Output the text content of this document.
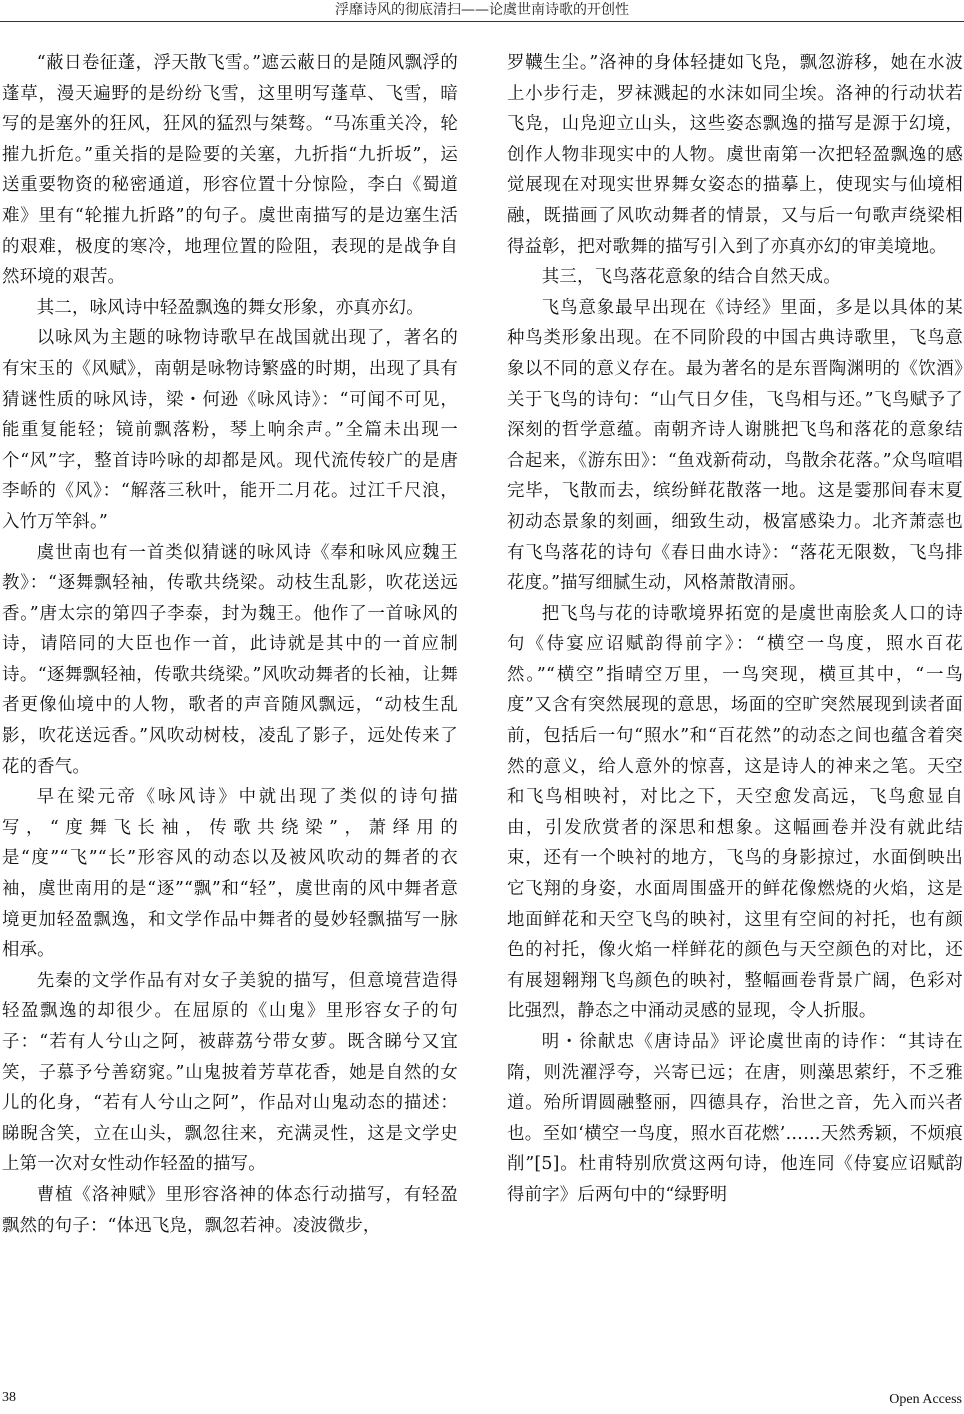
浮靡诗风的彻底清扫——论虞世南诗歌的开创性

“蔽日卷征蓬，浮天散飞雪。”遮云蔽日的是随风飘浮的蓬草，漫天遍野的是纷纷飞雪，这里明写蓬草、飞雪，暗写的是塞外的狂风，狂风的猛烈与桀骜。“马冻重关冷，轮摧九折危。”重关指的是险要的关塞，九折指“九折坂”，运送重要物资的秘密通道，形容位置十分惊险，李白《蜀道难》里有“轮摧九折路”的句子。虞世南描写的是边塞生活的艰难，极度的寒冷，地理位置的险阻，表现的是战争自然环境的艰苦。

其二，咏风诗中轻盈飘逸的舞女形象，亦真亦幻。

以咏风为主题的咏物诗歌早在战国就出现了，著名的有宋玉的《风赋》，南朝是咏物诗繁盛的时期，出现了具有猜谜性质的咏风诗，梁・何逊《咏风诗》：“可闻不可见，能重复能轻；镜前飘落粉，琴上响余声。”全篇未出现一个“风”字，整首诗吟咏的却都是风。现代流传较广的是唐李峤的《风》：“解落三秋叶，能开二月花。过江千尺浪，入竹万竿斜。”

虞世南也有一首类似猜谜的咏风诗《奉和咏风应魏王教》：“逐舞飘轻袖，传歌共绕梁。动枝生乱影，吹花送远香。”唐太宗的第四子李泰，封为魏王。他作了一首咏风的诗，请陪同的大臣也作一首，此诗就是其中的一首应制诗。“逐舞飘轻袖，传歌共绕梁。”风吹动舞者的长袖，让舞者更像仙境中的人物，歌者的声音随风飘远，“动枝生乱影，吹花送远香。”风吹动树枝，凌乱了影子，远处传来了花的香气。

早在梁元帝《咏风诗》中就出现了类似的诗句描写，“度舞飞长袖，传歌共绕梁”，萧绎用的是“度”“飞”“长”形容风的动态以及被风吹动的舞者的衣袖，虞世南用的是“逐”“飘”和“轻”，虞世南的风中舞者意境更加轻盈飘逸，和文学作品中舞者的曼妙轻飘描写一脉相承。

先秦的文学作品有对女子美貌的描写，但意境营造得轻盈飘逸的却很少。在屈原的《山鬼》里形容女子的句子：“若有人兮山之阿，被薜荔兮带女萝。既含睇兮又宜笑，子慕予兮善窈窕。”山鬼披着芳草花香，她是自然的女儿的化身，“若有人兮山之阿”，作品对山鬼动态的描述：睇睨含笑，立在山头，飘忽往来，充满灵性，这是文学史上第一次对女性动作轻盈的描写。

曹植《洛神赋》里形容洛神的体态行动描写，有轻盈飘然的句子：“体迅飞凫，飘忽若神。凌波微步，

罗韈生尘。”洛神的身体轻捷如飞凫，飘忽游移，她在水波上小步行走，罗袜溅起的水沫如同尘埃。洛神的行动状若飞凫，山凫迎立山头，这些姿态飘逸的描写是源于幻境，创作人物非现实中的人物。虞世南第一次把轻盈飘逸的感觉展现在对现实世界舞女姿态的描摹上，使现实与仙境相融，既描画了风吹动舞者的情景，又与后一句歌声绕梁相得益彰，把对歌舞的描写引入到了亦真亦幻的审美境地。

其三，飞鸟落花意象的结合自然天成。

飞鸟意象最早出现在《诗经》里面，多是以具体的某种鸟类形象出现。在不同阶段的中国古典诗歌里，飞鸟意象以不同的意义存在。最为著名的是东晋陶渊明的《饮酒》关于飞鸟的诗句：“山气日夕佳，飞鸟相与还。”飞鸟赋予了深刻的哲学意蕴。南朝齐诗人谢朓把飞鸟和落花的意象结合起来，《游东田》：“鱼戏新荷动，鸟散余花落。”众鸟喧唱完毕，飞散而去，缤纷鲜花散落一地。这是霎那间春末夏初动态景象的刻画，细致生动，极富感染力。北齐萧悫也有飞鸟落花的诗句《春日曲水诗》：“落花无限数，飞鸟排花度。”描写细腻生动，风格萧散清丽。

把飞鸟与花的诗歌境界拓宽的是虞世南脍炙人口的诗句《侍宴应诏赋韵得前字》：“横空一鸟度，照水百花然。”“横空”指晴空万里，一鸟突现，横亘其中，“一鸟度”又含有突然展现的意思，场面的空旷突然展现到读者面前，包括后一句“照水”和“百花然”的动态之间也蕴含着突然的意义，给人意外的惊喜，这是诗人的神来之笔。天空和飞鸟相映衬，对比之下，天空愈发高远，飞鸟愈显自由，引发欣赏者的深思和想象。这幅画卷并没有就此结束，还有一个映衬的地方，飞鸟的身影掠过，水面倒映出它飞翔的身姿，水面周围盛开的鲜花像燃烧的火焰，这是地面鲜花和天空飞鸟的映衬，这里有空间的衬托，也有颜色的衬托，像火焰一样鲜花的颜色与天空颜色的对比，还有展翅翱翔飞鸟颜色的映衬，整幅画卷背景广阔，色彩对比强烈，静态之中涌动灵感的显现，令人折服。

明・徐献忠《唐诗品》评论虞世南的诗作：“其诗在隋，则洗濯浮夸，兴寄已远；在唐，则藻思萦纡，不乏雅道。殆所谓圆融整丽，四德具存，治世之音，先入而兴者也。至如‘横空一鸟度，照水百花燃’……天然秀颖，不烦痕削”[5]。杜甫特别欣赏这两句诗，他连同《侍宴应诏赋韵得前字》后两句中的“绿野明

38	Open Access
